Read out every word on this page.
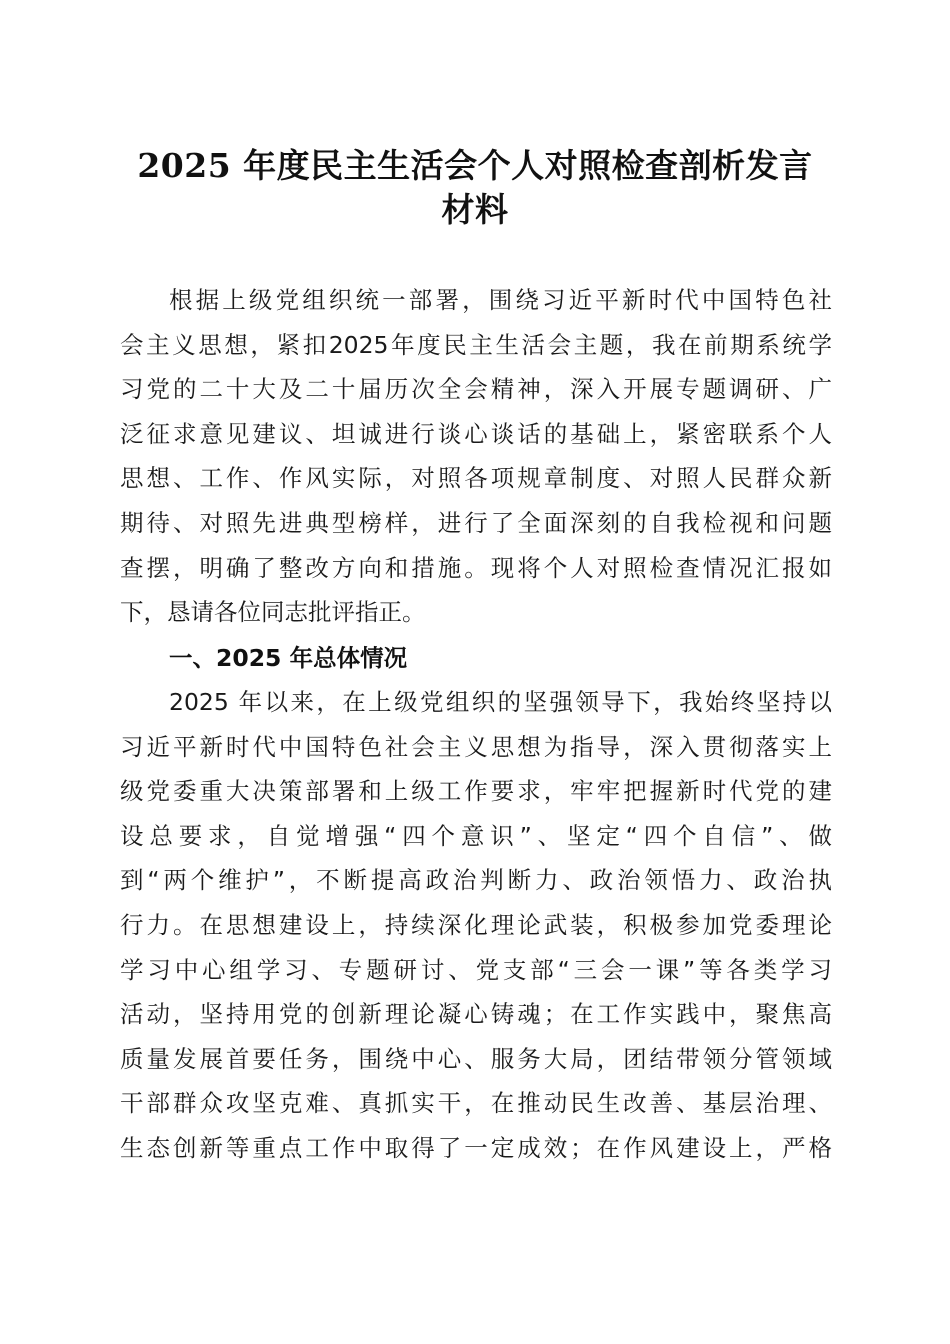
2025 年度民主生活会个人对照检查剖析发言
材料
根据上级党组织统一部署，围绕习近平新时代中国特色社
会主义思想，紧扣2025年度民主生活会主题，我在前期系统学
习党的二十大及二十届历次全会精神，深入开展专题调研、广
泛征求意见建议、坦诚进行谈心谈话的基础上，紧密联系个人
思想、工作、作风实际，对照各项规章制度、对照人民群众新
期待、对照先进典型榜样，进行了全面深刻的自我检视和问题
查摆，明确了整改方向和措施。现将个人对照检查情况汇报如
下，恳请各位同志批评指正。
一、2025 年总体情况
2025 年以来，在上级党组织的坚强领导下，我始终坚持以
习近平新时代中国特色社会主义思想为指导，深入贯彻落实上
级党委重大决策部署和上级工作要求，牢牢把握新时代党的建
设总要求，自觉增强“四个意识”、坚定“四个自信”、做
到“两个维护”，不断提高政治判断力、政治领悟力、政治执
行力。在思想建设上，持续深化理论武装，积极参加党委理论
学习中心组学习、专题研讨、党支部“三会一课”等各类学习
活动，坚持用党的创新理论凝心铸魂；在工作实践中，聚焦高
质量发展首要任务，围绕中心、服务大局，团结带领分管领域
干部群众攻坚克难、真抓实干，在推动民生改善、基层治理、
生态创新等重点工作中取得了一定成效；在作风建设上，严格
